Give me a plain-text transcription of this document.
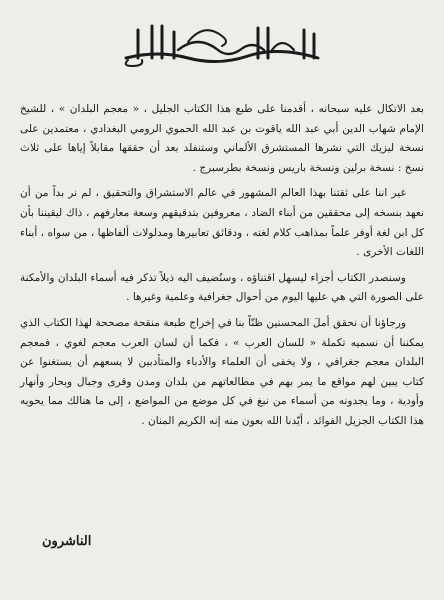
بعد الاتكال عليه سبحانه ، أقدمنا على طبع هذا الكتاب الجليل ، « معجم البلدان » ، للشيخ الإمام شهاب الدين أبي عبد الله ياقوت بن عبد الله الحموي الرومي البغدادي ، معتمدين على نسخة ليزيك التي نشرها المستشرق الألماني وستنفلد بعد أن حققها مقابلاً إياها على ثلاث نسخ : نسخة برلين ونسخة باريس ونسخة بطرسبرج .

غير اننا على ثقتنا بهذا العالم المشهور في عالم الاستشراق والتحقيق ، لم نر بداً من أن نعهد بنسخه إلى محققين من أبناء الضاد ، معروفين بتدقيقهم وسعة معارفهم ، ذاك ليقيننا بأن كل ابن لغة أوفر علماً بمذاهب كلام لغته ، ودقائق تعابيرها ومدلولات ألفاظها ، من سواه ، أبناء اللغات الأخرى .

وسنصدر الكتاب أجزاء ليسهل اقتناؤه ، وسنُضيف اليه ذيلاً تذكر فيه أسماء البلدان والأمكنة على الصورة التي هي عليها اليوم من أحوال جغرافية وعلمية وغيرها .

ورجاؤنا أن نحقق أملَ المحسنين ظنّاً بنا في إخراج طبعة منقحة مصححة لهذا الكتاب الذي يمكننا أن نسميه تكملة « للسان العرب » ، فكما أن لسان العرب معجم لغوي ، فمعجم البلدان معجم جغرافي ، ولا يخفى أن العلماء والأدباء والمتأدبين لا يسعهم أن يستغنوا عن كتاب يبين لهم مواقع ما يمر بهم في مطالعاتهم من بلدان ومدن وقرى وجبال وبحار وأنهار وأودية ، وما يجدونه من أسماء من نبغ في كل موضع من المواضع ، إلى ما هنالك مما يحويه هذا الكتاب الجزيل الفوائد ، أيّدنا الله بعون منه إنه الكريم المنان .

الناشرون
